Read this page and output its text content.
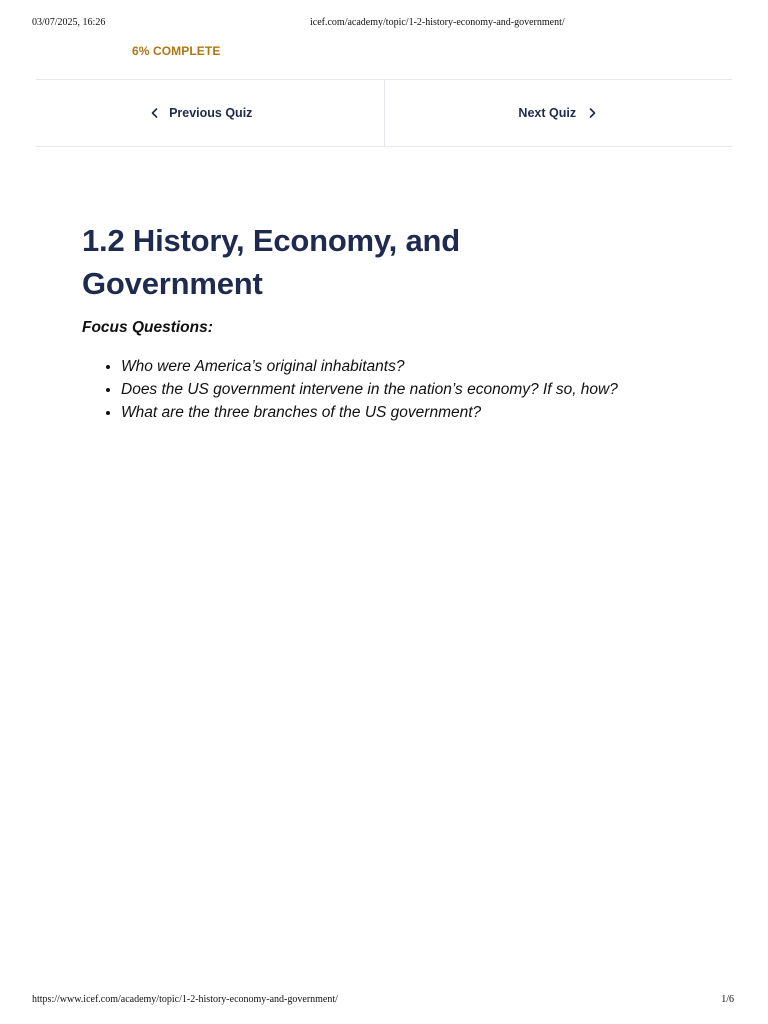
03/07/2025, 16:26	icef.com/academy/topic/1-2-history-economy-and-government/
6% COMPLETE
Previous Quiz	Next Quiz
1.2 History, Economy, and Government
Focus Questions:
• Who were America’s original inhabitants?
• Does the US government intervene in the nation’s economy? If so, how?
• What are the three branches of the US government?
https://www.icef.com/academy/topic/1-2-history-economy-and-government/	1/6
